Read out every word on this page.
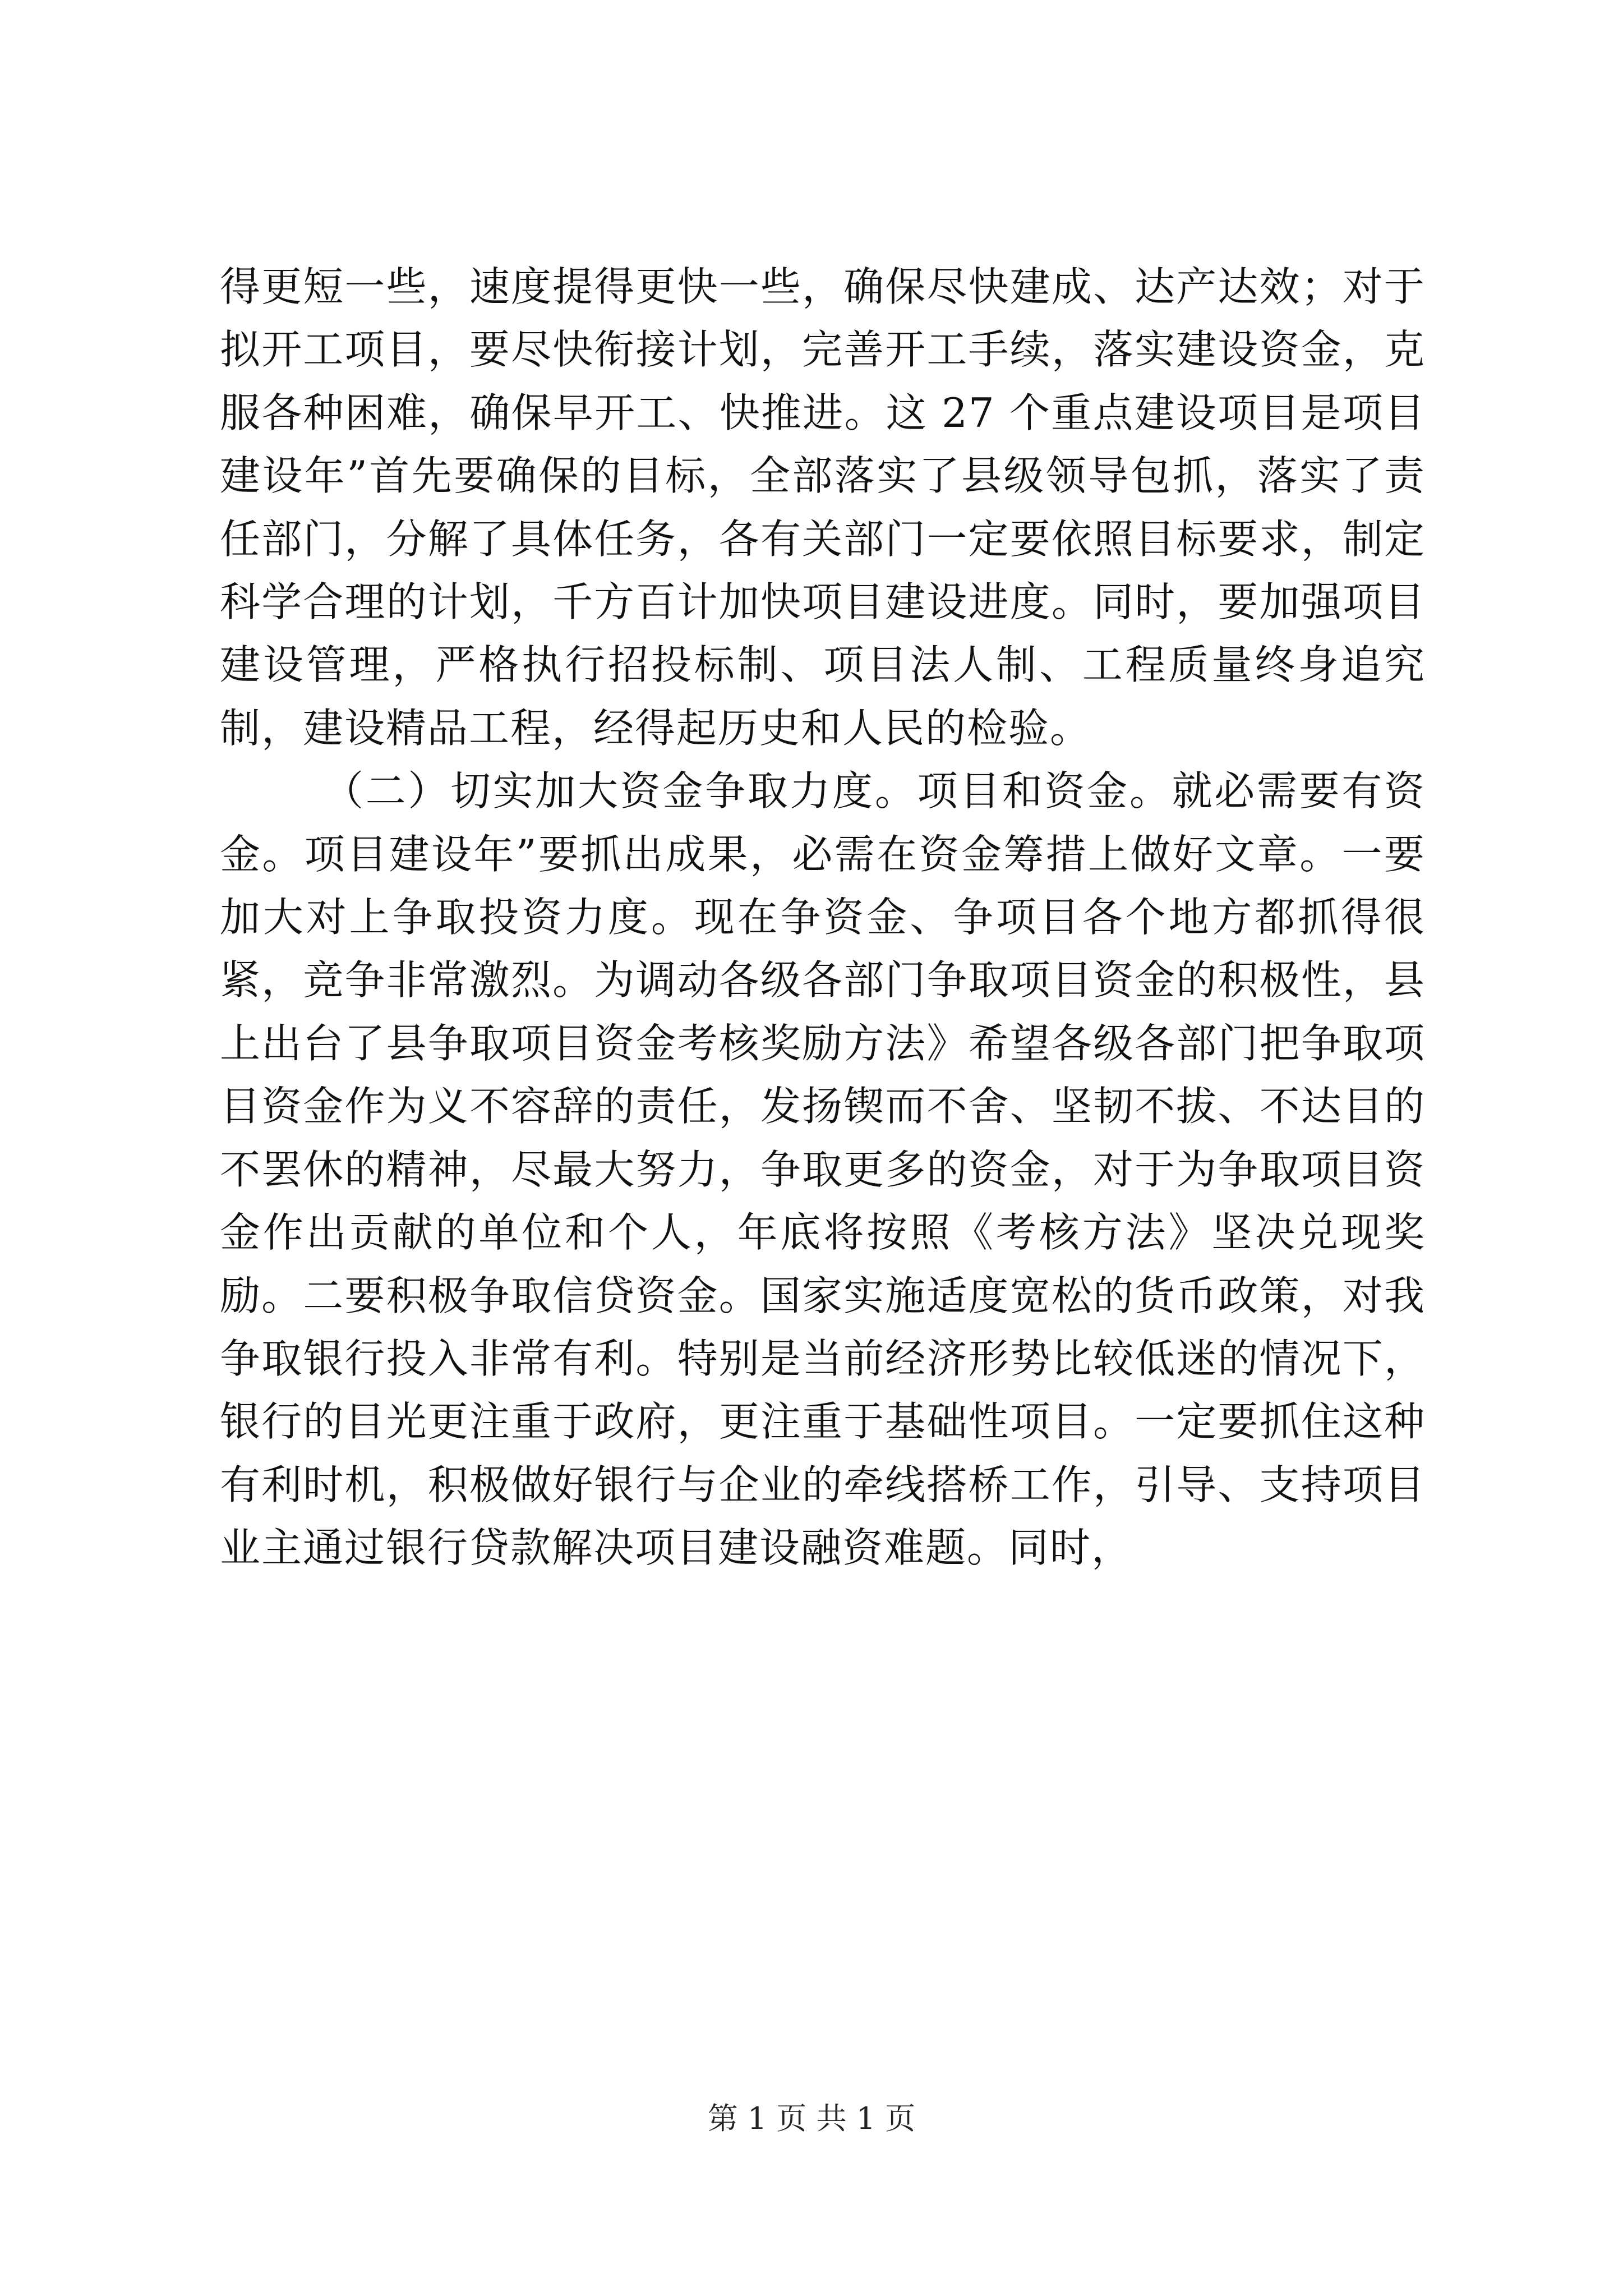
得更短一些，速度提得更快一些，确保尽快建成、达产达效；对于拟开工项目，要尽快衔接计划，完善开工手续，落实建设资金，克服各种困难，确保早开工、快推进。这 27 个重点建设项目是项目建设年”首先要确保的目标，全部落实了县级领导包抓，落实了责任部门，分解了具体任务，各有关部门一定要依照目标要求，制定科学合理的计划，千方百计加快项目建设进度。同时，要加强项目建设管理，严格执行招投标制、项目法人制、工程质量终身追究制，建设精品工程，经得起历史和人民的检验。

（二）切实加大资金争取力度。项目和资金。就必需要有资金。项目建设年”要抓出成果，必需在资金筹措上做好文章。一要加大对上争取投资力度。现在争资金、争项目各个地方都抓得很紧，竞争非常激烈。为调动各级各部门争取项目资金的积极性，县上出台了县争取项目资金考核奖励方法》希望各级各部门把争取项目资金作为义不容辞的责任，发扬锲而不舍、坚韧不拔、不达目的不罢休的精神，尽最大努力，争取更多的资金，对于为争取项目资金作出贡献的单位和个人，年底将按照《考核方法》坚决兑现奖励。二要积极争取信贷资金。国家实施适度宽松的货币政策，对我争取银行投入非常有利。特别是当前经济形势比较低迷的情况下，银行的目光更注重于政府，更注重于基础性项目。一定要抓住这种有利时机，积极做好银行与企业的牵线搭桥工作，引导、支持项目业主通过银行贷款解决项目建设融资难题。同时，

第 1 页 共 1 页
